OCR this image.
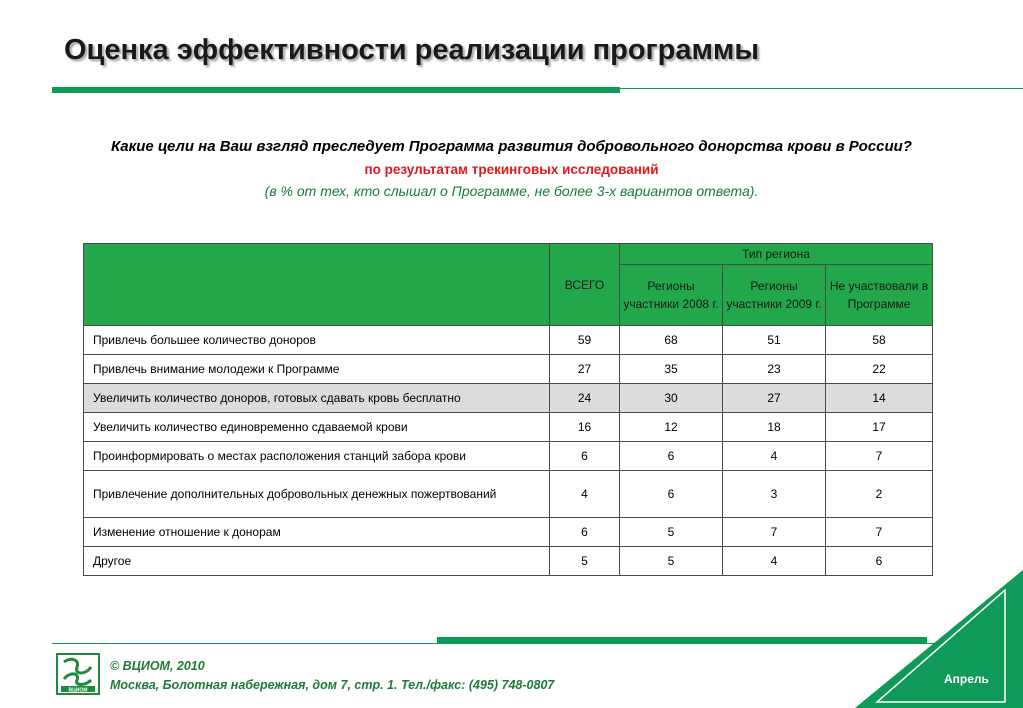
Оценка эффективности реализации программы
Какие цели на Ваш взгляд преследует Программа развития добровольного донорства крови в России?
по результатам трекинговых исследований
(в % от тех, кто слышал о Программе, не более 3-х вариантов ответа).
	ВСЕГО	Тип региона		
		Регионы участники 2008 г.	Регионы участники 2009 г.	Не участвовали в Программе
Привлечь большее количество доноров	59	68	51	58
Привлечь внимание молодежи к Программе	27	35	23	22
Увеличить количество доноров, готовых сдавать кровь бесплатно	24	30	27	14
Увеличить количество единовременно сдаваемой крови	16	12	18	17
Проинформировать о местах расположения станций забора крови	6	6	4	7
Привлечение дополнительных добровольных денежных пожертвований	4	6	3	2
Изменение отношение к донорам	6	5	7	7
Другое	5	5	4	6
ВЦИОМ
© ВЦИОМ, 2010
Москва, Болотная набережная, дом 7, стр. 1. Тел./факс: (495) 748-0807	Апрель
